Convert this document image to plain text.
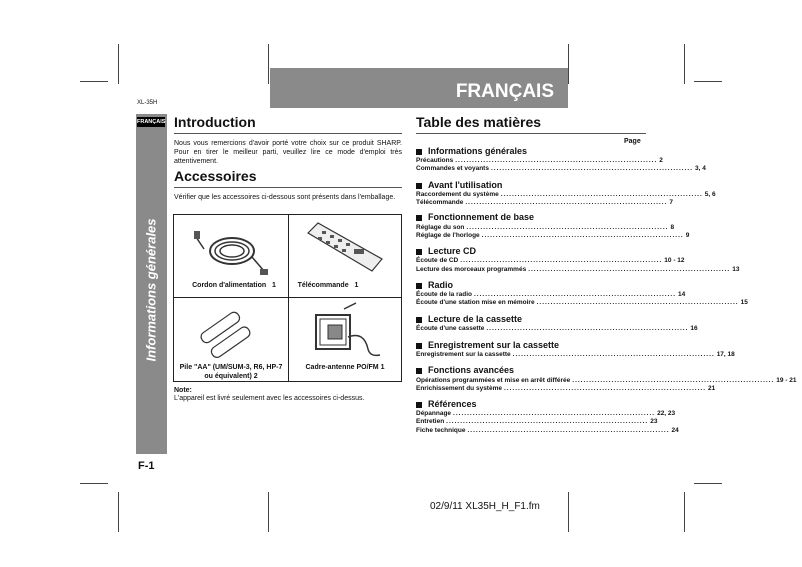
FRANÇAIS
XL-35H
FRANÇAIS
Informations générales
F-1
Introduction
Nous vous remercions d'avoir porté votre choix sur ce produit SHARP. Pour en tirer le meilleur parti, veuillez lire ce mode d'emploi très attentivement.
Accessoires
Vérifier que les accessoires ci-dessous sont présents dans l'emballage.
Cordon d'alimentation 1	Télécommande 1
Pile "AA" (UM/SUM-3, R6, HP-7 ou équivalent) 2
Cadre-antenne PO/FM 1
Note:
L'appareil est livré seulement avec les accessoires ci-dessus.
Table des matières
Page
Informations générales
Précautions ........................................................................ 2
Commandes et voyants ........................................................................ 3, 4
Avant l'utilisation
Raccordement du système ........................................................................ 5, 6
Télécommande ........................................................................ 7
Fonctionnement de base
Réglage du son ........................................................................ 8
Réglage de l'horloge ........................................................................ 9
Lecture CD
Écoute de CD ........................................................................ 10 - 12
Lecture des morceaux programmés ........................................................................ 13
Radio
Écoute de la radio ........................................................................ 14
Écoute d'une station mise en mémoire ........................................................................ 15
Lecture de la cassette
Écoute d'une cassette ........................................................................ 16
Enregistrement sur la cassette
Enregistrement sur la cassette ........................................................................ 17, 18
Fonctions avancées
Opérations programmées et mise en arrêt différée ........................................................................ 19 - 21
Enrichissement du système ........................................................................ 21
Références
Dépannage ........................................................................ 22, 23
Entretien ........................................................................ 23
Fiche technique ........................................................................ 24
02/9/11 XL35H_H_F1.fm
